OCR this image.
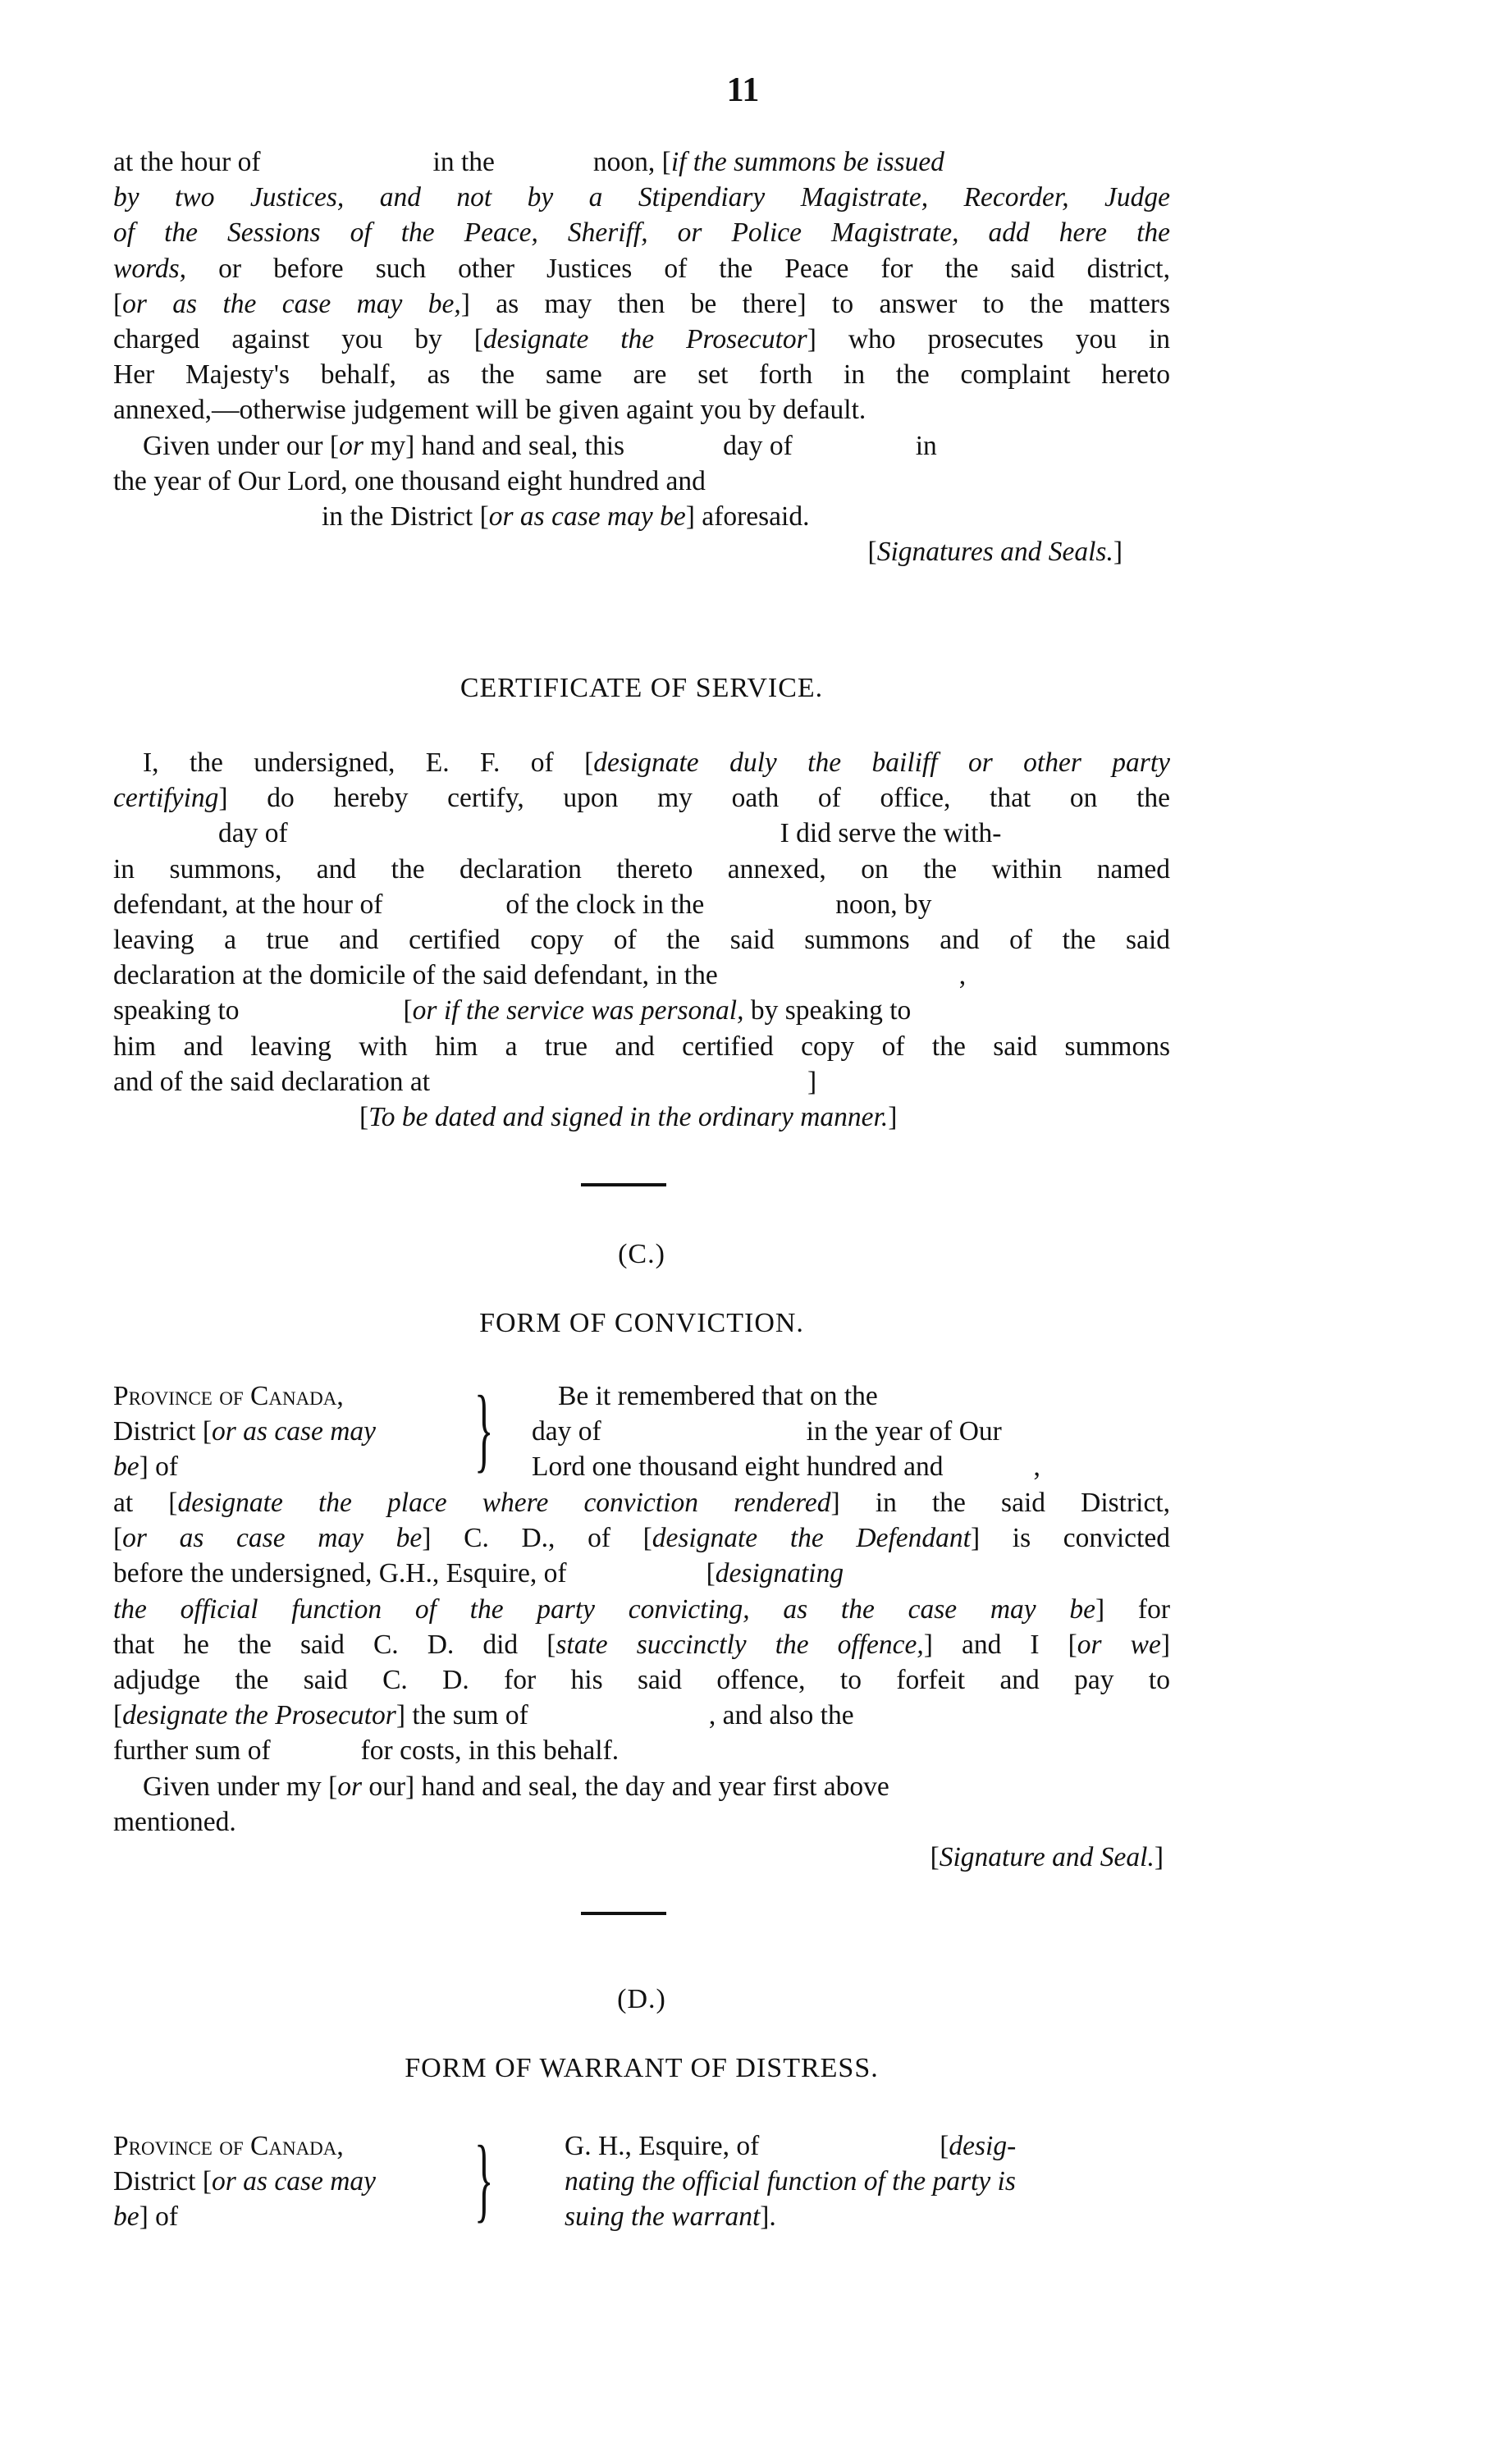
11
at the hour of	in the	noon, [if the summons be issued
by two Justices, and not by a Stipendiary Magistrate, Recorder, Judge
of the Sessions of the Peace, Sheriff, or Police Magistrate, add here the
words, or before such other Justices of the Peace for the said district,
[or as the case may be,] as may then be there] to answer to the matters
charged against you by [designate the Prosecutor] who prosecutes you in
Her Majesty's behalf, as the same are set forth in the complaint hereto
annexed,—otherwise judgement will be given againt you by default.
Given under our [or my] hand and seal, this	day of	in
the year of Our Lord, one thousand eight hundred and
in the District [or as case may be] aforesaid.
[Signatures and Seals.]
CERTIFICATE OF SERVICE.
I, the undersigned, E. F. of [designate duly the bailiff or other party
certifying] do hereby certify, upon my oath of office, that on the
day of	I did serve the with-
in summons, and the declaration thereto annexed, on the within named
defendant, at the hour of	of the clock in the	noon, by
leaving a true and certified copy of the said summons and of the said
declaration at the domicile of the said defendant, in the	,
speaking to	[or if the service was personal, by speaking to
him and leaving with him a true and certified copy of the said summons
and of the said declaration at	]
[To be dated and signed in the ordinary manner.]
(C.)
FORM OF CONVICTION.
Province of Canada,
District [or as case may
be] of	}	Be it remembered that on the
day of	in the year of Our
Lord one thousand eight hundred and	,
at [designate the place where conviction rendered] in the said District,
[or as case may be] C. D., of [designate the Defendant] is convicted
before the undersigned, G.H., Esquire, of	[designating
the official function of the party convicting, as the case may be] for
that he the said C. D. did [state succinctly the offence,] and I [or we]
adjudge the said C. D. for his said offence, to forfeit and pay to
[designate the Prosecutor] the sum of	, and also the
further sum of	for costs, in this behalf.
Given under my [or our] hand and seal, the day and year first above
mentioned.
[Signature and Seal.]
(D.)
FORM OF WARRANT OF DISTRESS.
Province of Canada,
District [or as case may
be] of	}	G. H., Esquire, of	[desig-
nating the official function of the party is
suing the warrant].
